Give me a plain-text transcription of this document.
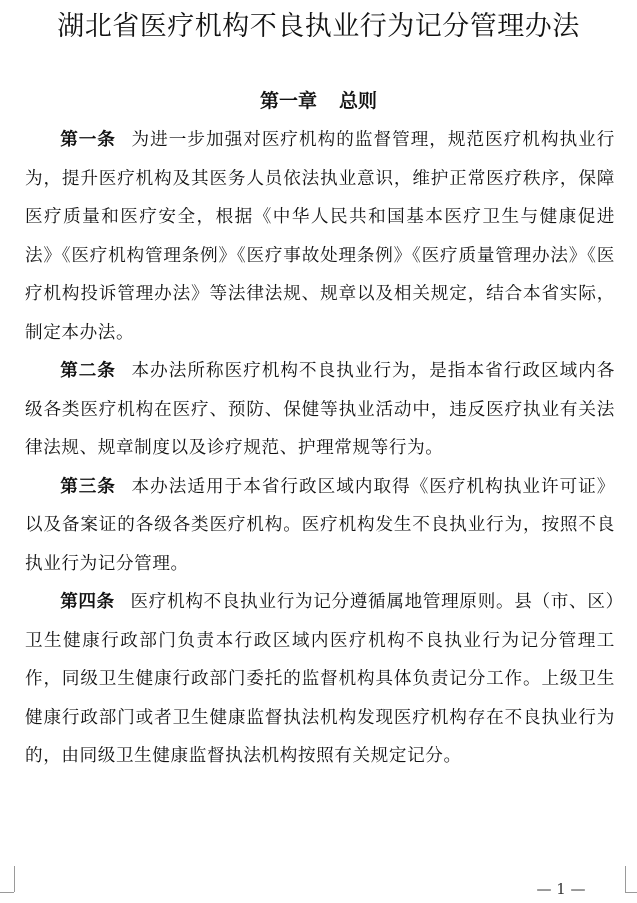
湖北省医疗机构不良执业行为记分管理办法
第一章 总则

第一条 为进一步加强对医疗机构的监督管理，规范医疗机构执业行为，提升医疗机构及其医务人员依法执业意识，维护正常医疗秩序，保障医疗质量和医疗安全，根据《中华人民共和国基本医疗卫生与健康促进法》《医疗机构管理条例》《医疗事故处理条例》《医疗质量管理办法》《医疗机构投诉管理办法》等法律法规、规章以及相关规定，结合本省实际，制定本办法。

第二条 本办法所称医疗机构不良执业行为，是指本省行政区域内各级各类医疗机构在医疗、预防、保健等执业活动中，违反医疗执业有关法律法规、规章制度以及诊疗规范、护理常规等行为。

第三条 本办法适用于本省行政区域内取得《医疗机构执业许可证》以及备案证的各级各类医疗机构。医疗机构发生不良执业行为，按照不良执业行为记分管理。

第四条 医疗机构不良执业行为记分遵循属地管理原则。县（市、区）卫生健康行政部门负责本行政区域内医疗机构不良执业行为记分管理工作，同级卫生健康行政部门委托的监督机构具体负责记分工作。上级卫生健康行政部门或者卫生健康监督执法机构发现医疗机构存在不良执业行为的，由同级卫生健康监督执法机构按照有关规定记分。

— 1 —
